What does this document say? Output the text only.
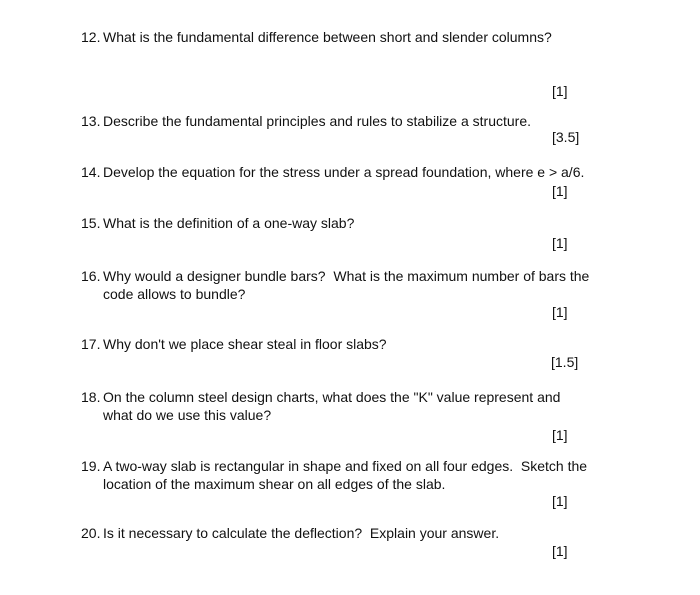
12. What is the fundamental difference between short and slender columns?
[1]
13. Describe the fundamental principles and rules to stabilize a structure.
[3.5]
14. Develop the equation for the stress under a spread foundation, where e > a/6.
[1]
15. What is the definition of a one-way slab?
[1]
16. Why would a designer bundle bars?  What is the maximum number of bars the
code allows to bundle?
[1]
17. Why don't we place shear steal in floor slabs?
[1.5]
18. On the column steel design charts, what does the "K" value represent and
what do we use this value?
[1]
19. A two-way slab is rectangular in shape and fixed on all four edges.  Sketch the
location of the maximum shear on all edges of the slab.
[1]
20. Is it necessary to calculate the deflection?  Explain your answer.
[1]
